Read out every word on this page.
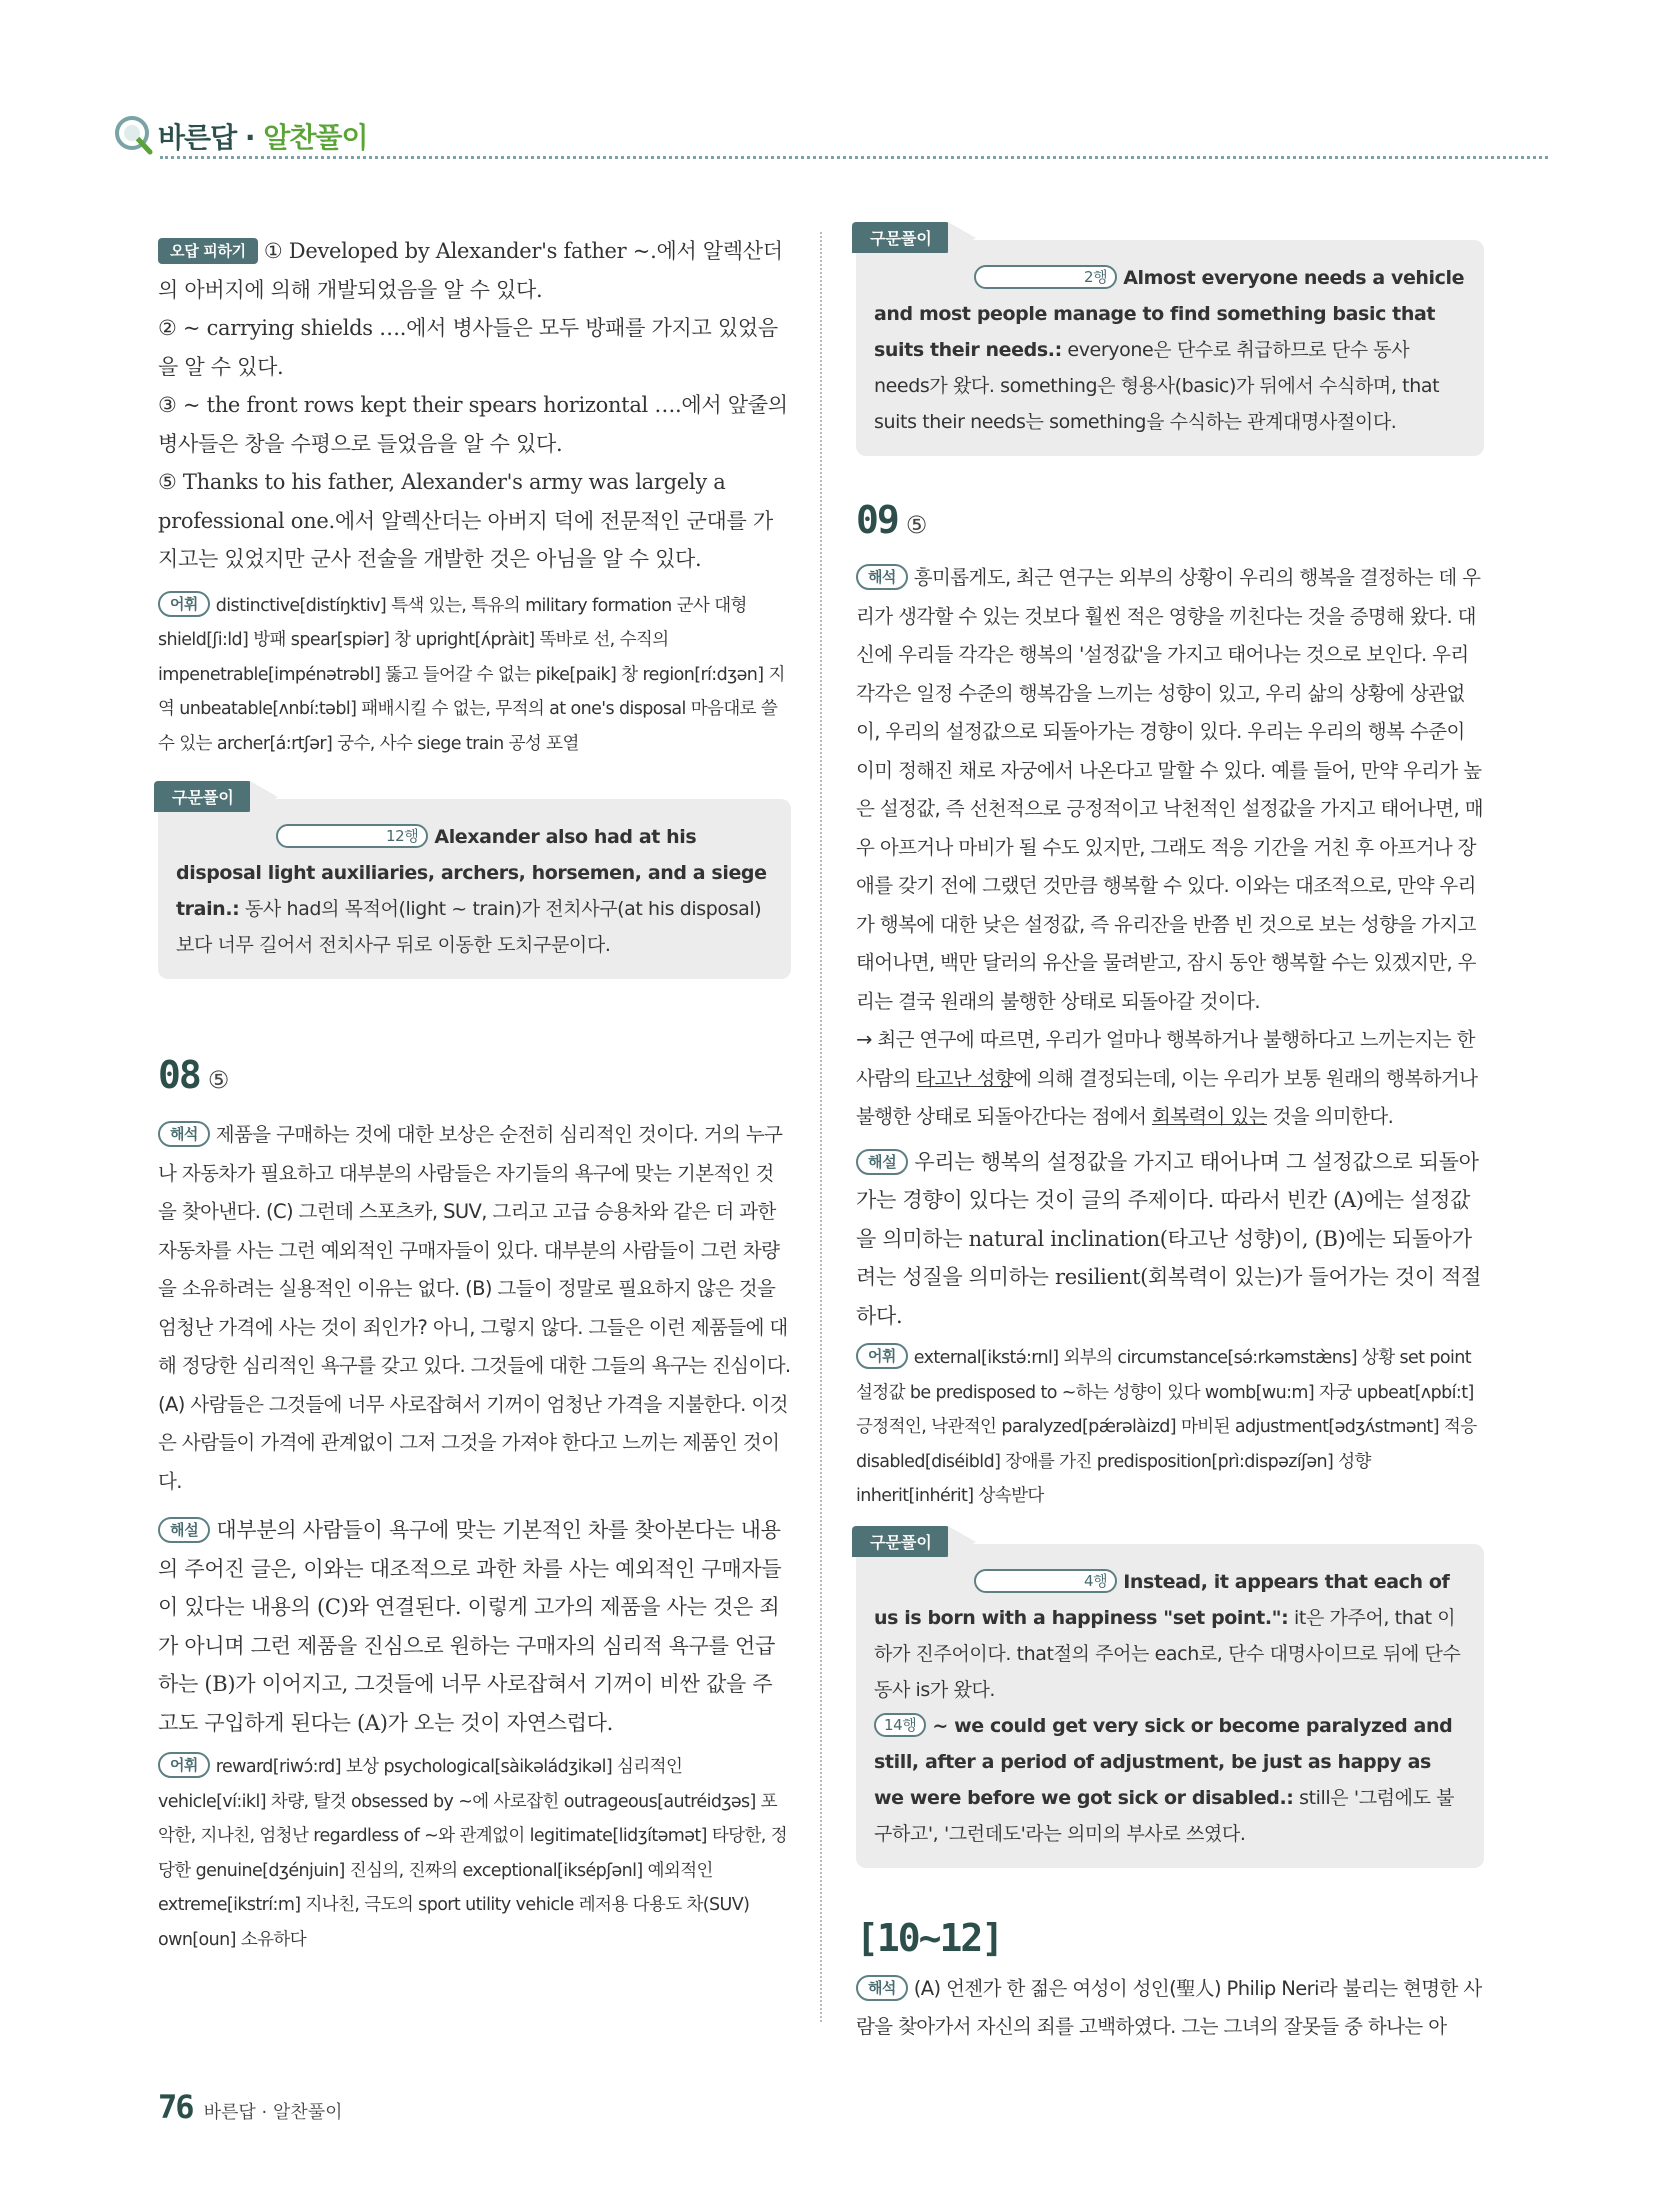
바른답 · 알찬풀이

오답 피하기 ① Developed by Alexander's father ~.에서 알렉산더의 아버지에 의해 개발되었음을 알 수 있다.

② ~ carrying shields ….에서 병사들은 모두 방패를 가지고 있었음을 알 수 있다.

③ ~ the front rows kept their spears horizontal ….에서 앞줄의 병사들은 창을 수평으로 들었음을 알 수 있다.

⑤ Thanks to his father, Alexander's army was largely a professional one.에서 알렉산더는 아버지 덕에 전문적인 군대를 가지고는 있었지만 군사 전술을 개발한 것은 아님을 알 수 있다.

어휘 distinctive[distíŋktiv] 특색 있는, 특유의 military formation 군사 대형 shield[ʃi:ld] 방패 spear[spiər] 창 upright[ʌ́pràit] 똑바로 선, 수직의 impenetrable[impénətrəbl] 뚫고 들어갈 수 없는 pike[paik] 창 region[rí:dʒən] 지역 unbeatable[ʌnbí:təbl] 패배시킬 수 없는, 무적의 at one's disposal 마음대로 쓸 수 있는 archer[á:rtʃər] 궁수, 사수 siege train 공성 포열

구문풀이

12행 Alexander also had at his disposal light auxiliaries, archers, horsemen, and a siege train.: 동사 had의 목적어(light ~ train)가 전치사구(at his disposal)보다 너무 길어서 전치사구 뒤로 이동한 도치구문이다.

08 ⑤

해석 제품을 구매하는 것에 대한 보상은 순전히 심리적인 것이다. 거의 누구나 자동차가 필요하고 대부분의 사람들은 자기들의 욕구에 맞는 기본적인 것을 찾아낸다. (C) 그런데 스포츠카, SUV, 그리고 고급 승용차와 같은 더 과한 자동차를 사는 그런 예외적인 구매자들이 있다. 대부분의 사람들이 그런 차량을 소유하려는 실용적인 이유는 없다. (B) 그들이 정말로 필요하지 않은 것을 엄청난 가격에 사는 것이 죄인가? 아니, 그렇지 않다. 그들은 이런 제품들에 대해 정당한 심리적인 욕구를 갖고 있다. 그것들에 대한 그들의 욕구는 진심이다. (A) 사람들은 그것들에 너무 사로잡혀서 기꺼이 엄청난 가격을 지불한다. 이것은 사람들이 가격에 관계없이 그저 그것을 가져야 한다고 느끼는 제품인 것이다.

해설 대부분의 사람들이 욕구에 맞는 기본적인 차를 찾아본다는 내용의 주어진 글은, 이와는 대조적으로 과한 차를 사는 예외적인 구매자들이 있다는 내용의 (C)와 연결된다. 이렇게 고가의 제품을 사는 것은 죄가 아니며 그런 제품을 진심으로 원하는 구매자의 심리적 욕구를 언급하는 (B)가 이어지고, 그것들에 너무 사로잡혀서 기꺼이 비싼 값을 주고도 구입하게 된다는 (A)가 오는 것이 자연스럽다.

어휘 reward[riwɔ́:rd] 보상 psychological[sàikəládʒikəl] 심리적인 vehicle[ví:ikl] 차량, 탈것 obsessed by ~에 사로잡힌 outrageous[autréidʒəs] 포악한, 지나친, 엄청난 regardless of ~와 관계없이 legitimate[lidʒítəmət] 타당한, 정당한 genuine[dʒénjuin] 진심의, 진짜의 exceptional[iksépʃənl] 예외적인 extreme[ikstrí:m] 지나친, 극도의 sport utility vehicle 레저용 다용도 차(SUV) own[oun] 소유하다

구문풀이

2행 Almost everyone needs a vehicle and most people manage to find something basic that suits their needs.: everyone은 단수로 취급하므로 단수 동사 needs가 왔다. something은 형용사(basic)가 뒤에서 수식하며, that suits their needs는 something을 수식하는 관계대명사절이다.

09 ⑤

해석 흥미롭게도, 최근 연구는 외부의 상황이 우리의 행복을 결정하는 데 우리가 생각할 수 있는 것보다 훨씬 적은 영향을 끼친다는 것을 증명해 왔다. 대신에 우리들 각각은 행복의 '설정값'을 가지고 태어나는 것으로 보인다. 우리 각각은 일정 수준의 행복감을 느끼는 성향이 있고, 우리 삶의 상황에 상관없이, 우리의 설정값으로 되돌아가는 경향이 있다. 우리는 우리의 행복 수준이 이미 정해진 채로 자궁에서 나온다고 말할 수 있다. 예를 들어, 만약 우리가 높은 설정값, 즉 선천적으로 긍정적이고 낙천적인 설정값을 가지고 태어나면, 매우 아프거나 마비가 될 수도 있지만, 그래도 적응 기간을 거친 후 아프거나 장애를 갖기 전에 그랬던 것만큼 행복할 수 있다. 이와는 대조적으로, 만약 우리가 행복에 대한 낮은 설정값, 즉 유리잔을 반쯤 빈 것으로 보는 성향을 가지고 태어나면, 백만 달러의 유산을 물려받고, 잠시 동안 행복할 수는 있겠지만, 우리는 결국 원래의 불행한 상태로 되돌아갈 것이다.

→ 최근 연구에 따르면, 우리가 얼마나 행복하거나 불행하다고 느끼는지는 한 사람의 타고난 성향에 의해 결정되는데, 이는 우리가 보통 원래의 행복하거나 불행한 상태로 되돌아간다는 점에서 회복력이 있는 것을 의미한다.

해설 우리는 행복의 설정값을 가지고 태어나며 그 설정값으로 되돌아가는 경향이 있다는 것이 글의 주제이다. 따라서 빈칸 (A)에는 설정값을 의미하는 natural inclination(타고난 성향)이, (B)에는 되돌아가려는 성질을 의미하는 resilient(회복력이 있는)가 들어가는 것이 적절하다.

어휘 external[ikstə́:rnl] 외부의 circumstance[sə́:rkəmstæ̀ns] 상황 set point 설정값 be predisposed to ~하는 성향이 있다 womb[wu:m] 자궁 upbeat[ʌpbí:t] 긍정적인, 낙관적인 paralyzed[pǽrəlàizd] 마비된 adjustment[ədʒʌ́stmənt] 적응 disabled[diséibld] 장애를 가진 predisposition[prì:dispəzíʃən] 성향 inherit[inhérit] 상속받다

구문풀이

4행 Instead, it appears that each of us is born with a happiness "set point.": it은 가주어, that 이하가 진주어이다. that절의 주어는 each로, 단수 대명사이므로 뒤에 단수 동사 is가 왔다.

14행 ~ we could get very sick or become paralyzed and still, after a period of adjustment, be just as happy as we were before we got sick or disabled.: still은 '그럼에도 불구하고', '그런데도'라는 의미의 부사로 쓰였다.

[10~12]

해석 (A) 언젠가 한 젊은 여성이 성인(聖人) Philip Neri라 불리는 현명한 사람을 찾아가서 자신의 죄를 고백하였다. 그는 그녀의 잘못들 중 하나는 아

76 바른답 · 알찬풀이
